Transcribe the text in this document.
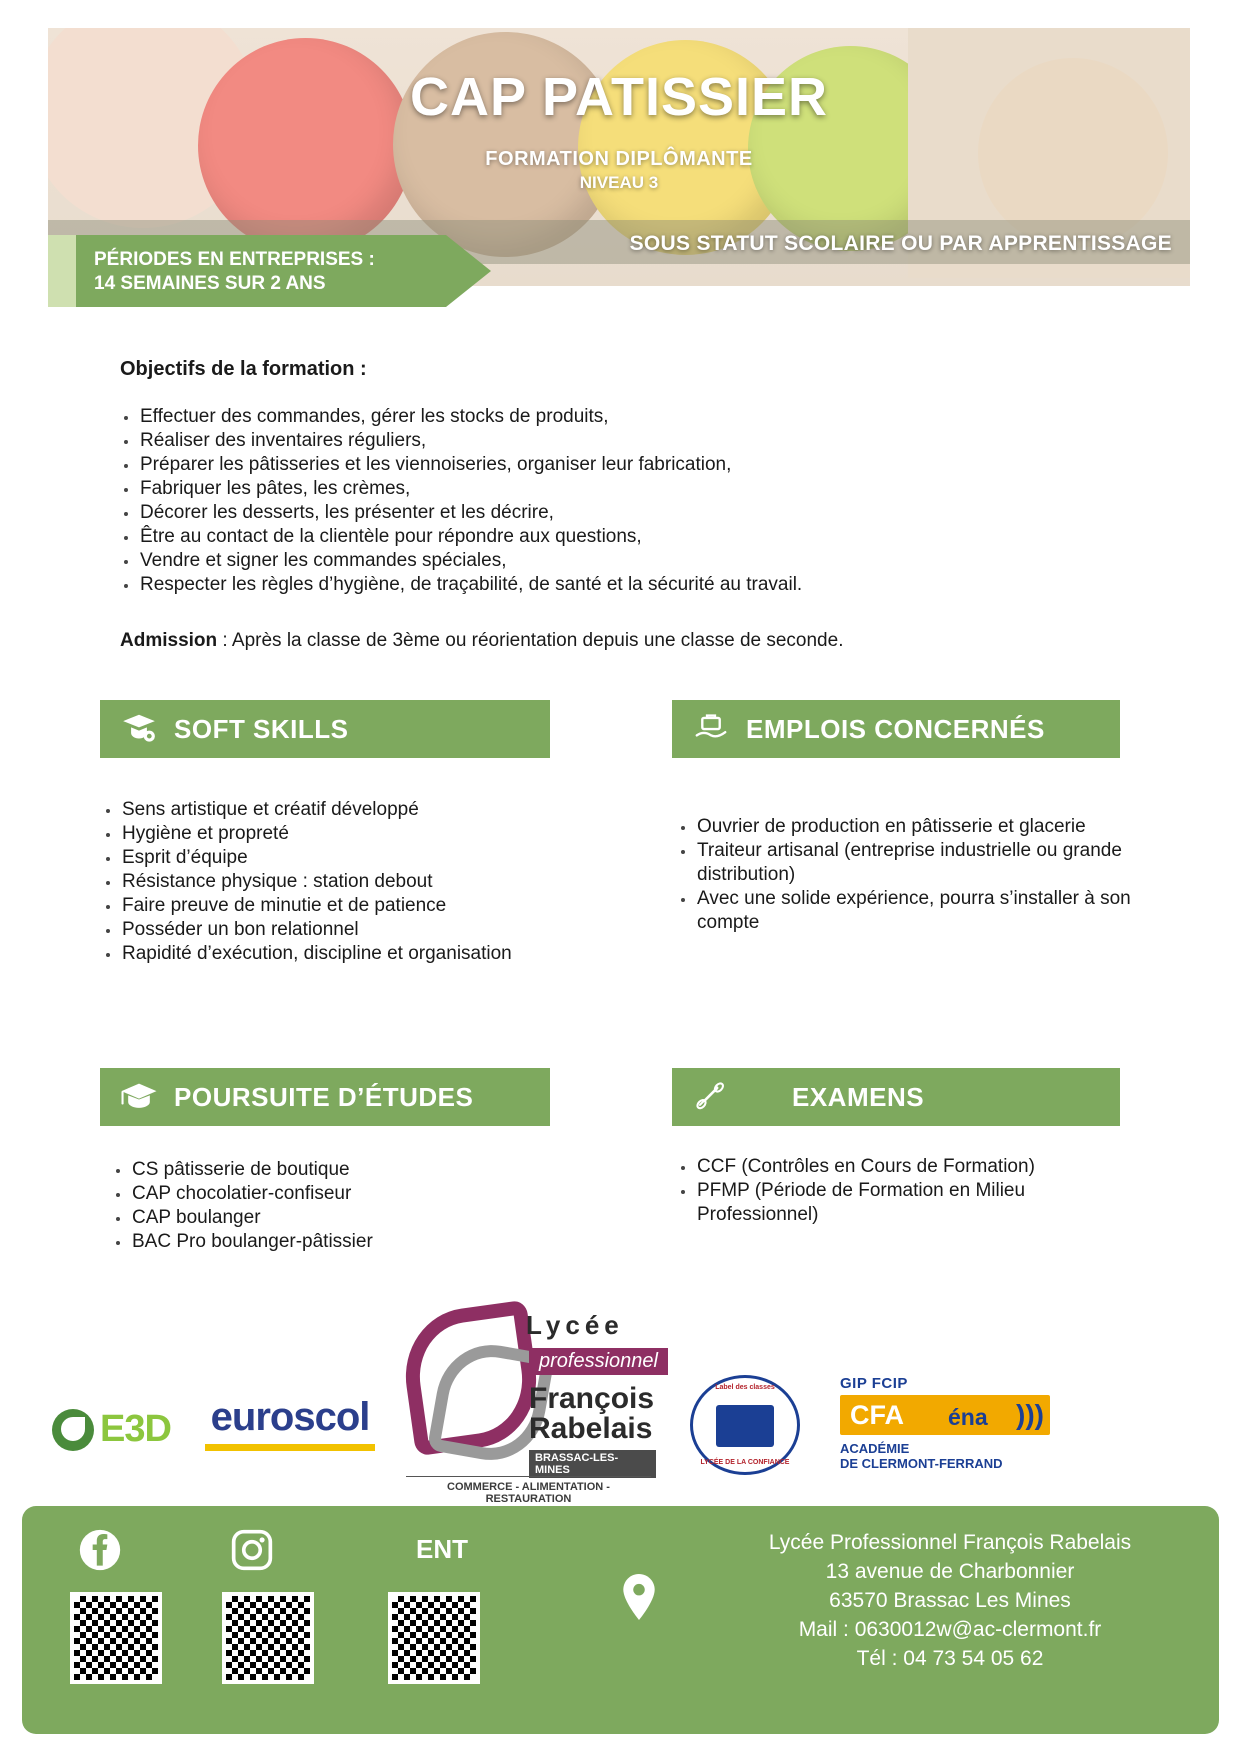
CAP PATISSIER
FORMATION DIPLÔMANTE
NIVEAU 3
SOUS STATUT SCOLAIRE OU PAR APPRENTISSAGE
PÉRIODES EN ENTREPRISES :
14 SEMAINES SUR 2 ANS
Objectifs de la formation :
Effectuer des commandes, gérer les stocks de produits,
Réaliser des inventaires réguliers,
Préparer les pâtisseries et les viennoiseries, organiser leur fabrication,
Fabriquer les pâtes, les crèmes,
Décorer les desserts, les présenter et les décrire,
Être au contact de la clientèle pour répondre aux questions,
Vendre et signer les commandes spéciales,
Respecter les règles d’hygiène, de traçabilité, de santé et la sécurité au travail.
Admission : Après la classe de 3ème ou réorientation depuis une classe de seconde.
SOFT SKILLS
Sens artistique et créatif développé
Hygiène et propreté
Esprit d’équipe
Résistance physique : station debout
Faire preuve de minutie et de patience
Posséder un bon relationnel
Rapidité d’exécution, discipline et organisation
EMPLOIS CONCERNÉS
Ouvrier de production en pâtisserie et glacerie
Traiteur artisanal (entreprise industrielle ou grande distribution)
Avec une solide expérience, pourra s’installer à son compte
POURSUITE D’ÉTUDES
CS pâtisserie de boutique
CAP chocolatier-confiseur
CAP boulanger
BAC Pro boulanger-pâtissier
EXAMENS
CCF (Contrôles en Cours de Formation)
PFMP (Période de Formation en Milieu Professionnel)
E3D euroscol
Lycée
professionnel
François
Rabelais
BRASSAC-LES-MINES
COMMERCE - ALIMENTATION - RESTAURATION
Label des classes
LYCÉE DE LA CONFIANCE
GIP FCIP
CFA éna )))
ACADÉMIE
DE CLERMONT-FERRAND
ENT	Lycée Professionnel François Rabelais
13 avenue de Charbonnier
63570 Brassac Les Mines
Mail : 0630012w@ac-clermont.fr
Tél : 04 73 54 05 62
